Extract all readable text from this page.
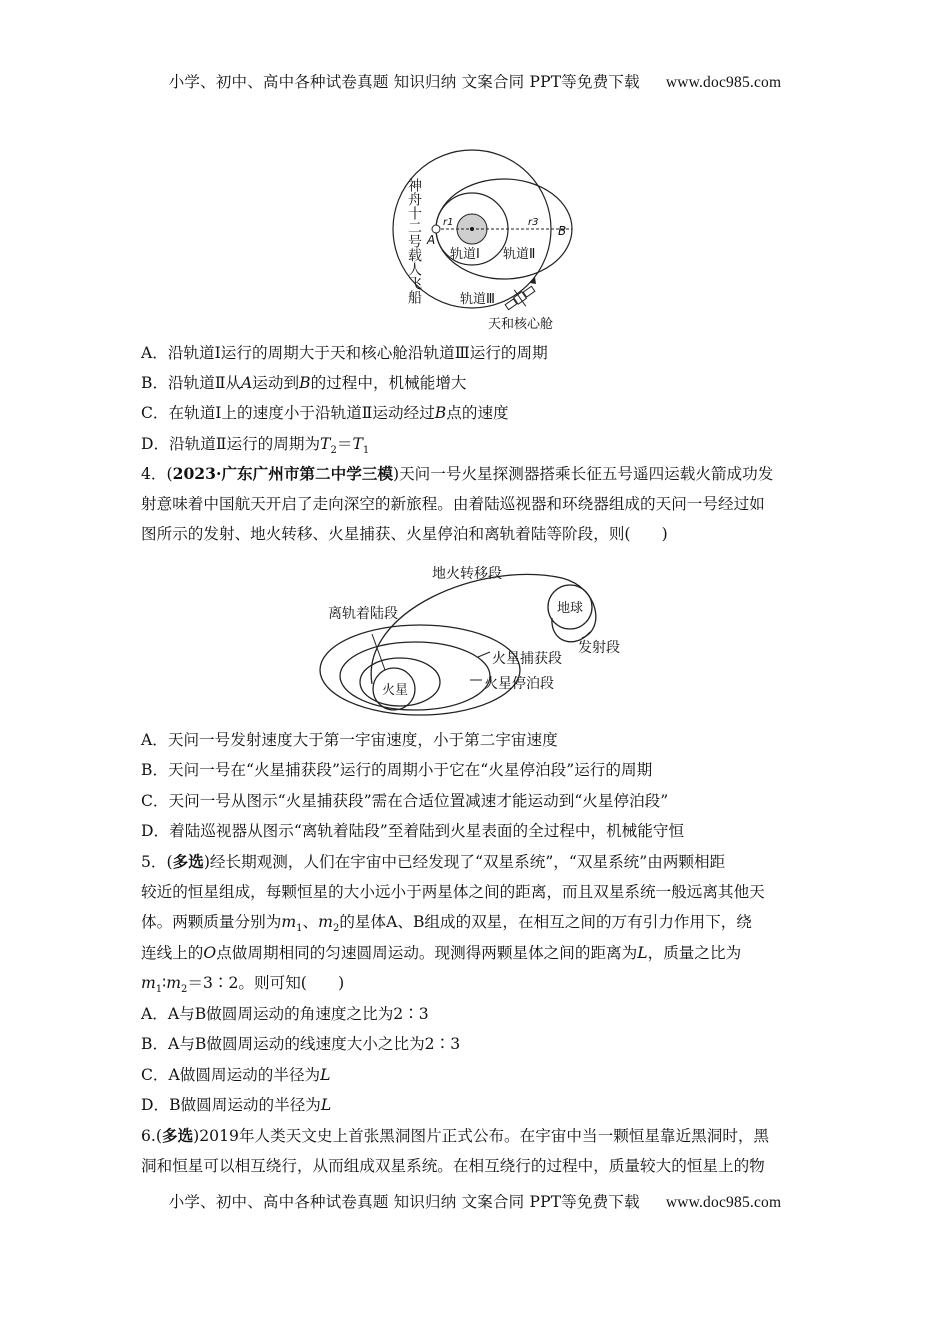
小学、初中、高中各种试卷真题 知识归纳 文案合同 PPT等免费下载 www.doc985.com
神舟十二号载人飞船 A
B
r1	r3
轨道Ⅰ 轨道Ⅱ
轨道Ⅲ
天和核心舱
A．沿轨道Ⅰ运行的周期大于天和核心舱沿轨道Ⅲ运行的周期
B．沿轨道Ⅱ从A运动到B的过程中，机械能增大
C．在轨道Ⅰ上的速度小于沿轨道Ⅱ运动经过B点的速度
D．沿轨道Ⅱ运行的周期为$T_2=T_1$
4．(2023·广东广州市第二中学三模)天问一号火星探测器搭乘长征五号遥四运载火箭成功发
射意味着中国航天开启了走向深空的新旅程。由着陆巡视器和环绕器组成的天问一号经过如
图所示的发射、地火转移、火星捕获、火星停泊和离轨着陆等阶段，则(　　)
地火转移段
离轨着陆段	地球
发射段
火星捕获段
火星停泊段
火星
A．天问一号发射速度大于第一宇宙速度，小于第二宇宙速度
B．天问一号在“火星捕获段”运行的周期小于它在“火星停泊段”运行的周期
C．天问一号从图示“火星捕获段”需在合适位置减速才能运动到“火星停泊段”
D．着陆巡视器从图示“离轨着陆段”至着陆到火星表面的全过程中，机械能守恒
5．(多选)经长期观测，人们在宇宙中已经发现了“双星系统”，“双星系统”由两颗相距
较近的恒星组成，每颗恒星的大小远小于两星体之间的距离，而且双星系统一般远离其他天
体。两颗质量分别为$m_1$、$m_2$的星体A、B组成的双星，在相互之间的万有引力作用下，绕
连线上的O点做周期相同的匀速圆周运动。现测得两颗星体之间的距离为L，质量之比为
$m_1∶m_2=3∶2$。则可知(　　)
A．A与B做圆周运动的角速度之比为2∶3
B．A与B做圆周运动的线速度大小之比为2∶3
C．A做圆周运动的半径为L
D．B做圆周运动的半径为L
6.(多选)2019年人类天文史上首张黑洞图片正式公布。在宇宙中当一颗恒星靠近黑洞时，黑
洞和恒星可以相互绕行，从而组成双星系统。在相互绕行的过程中，质量较大的恒星上的物
小学、初中、高中各种试卷真题 知识归纳 文案合同 PPT等免费下载 www.doc985.com
